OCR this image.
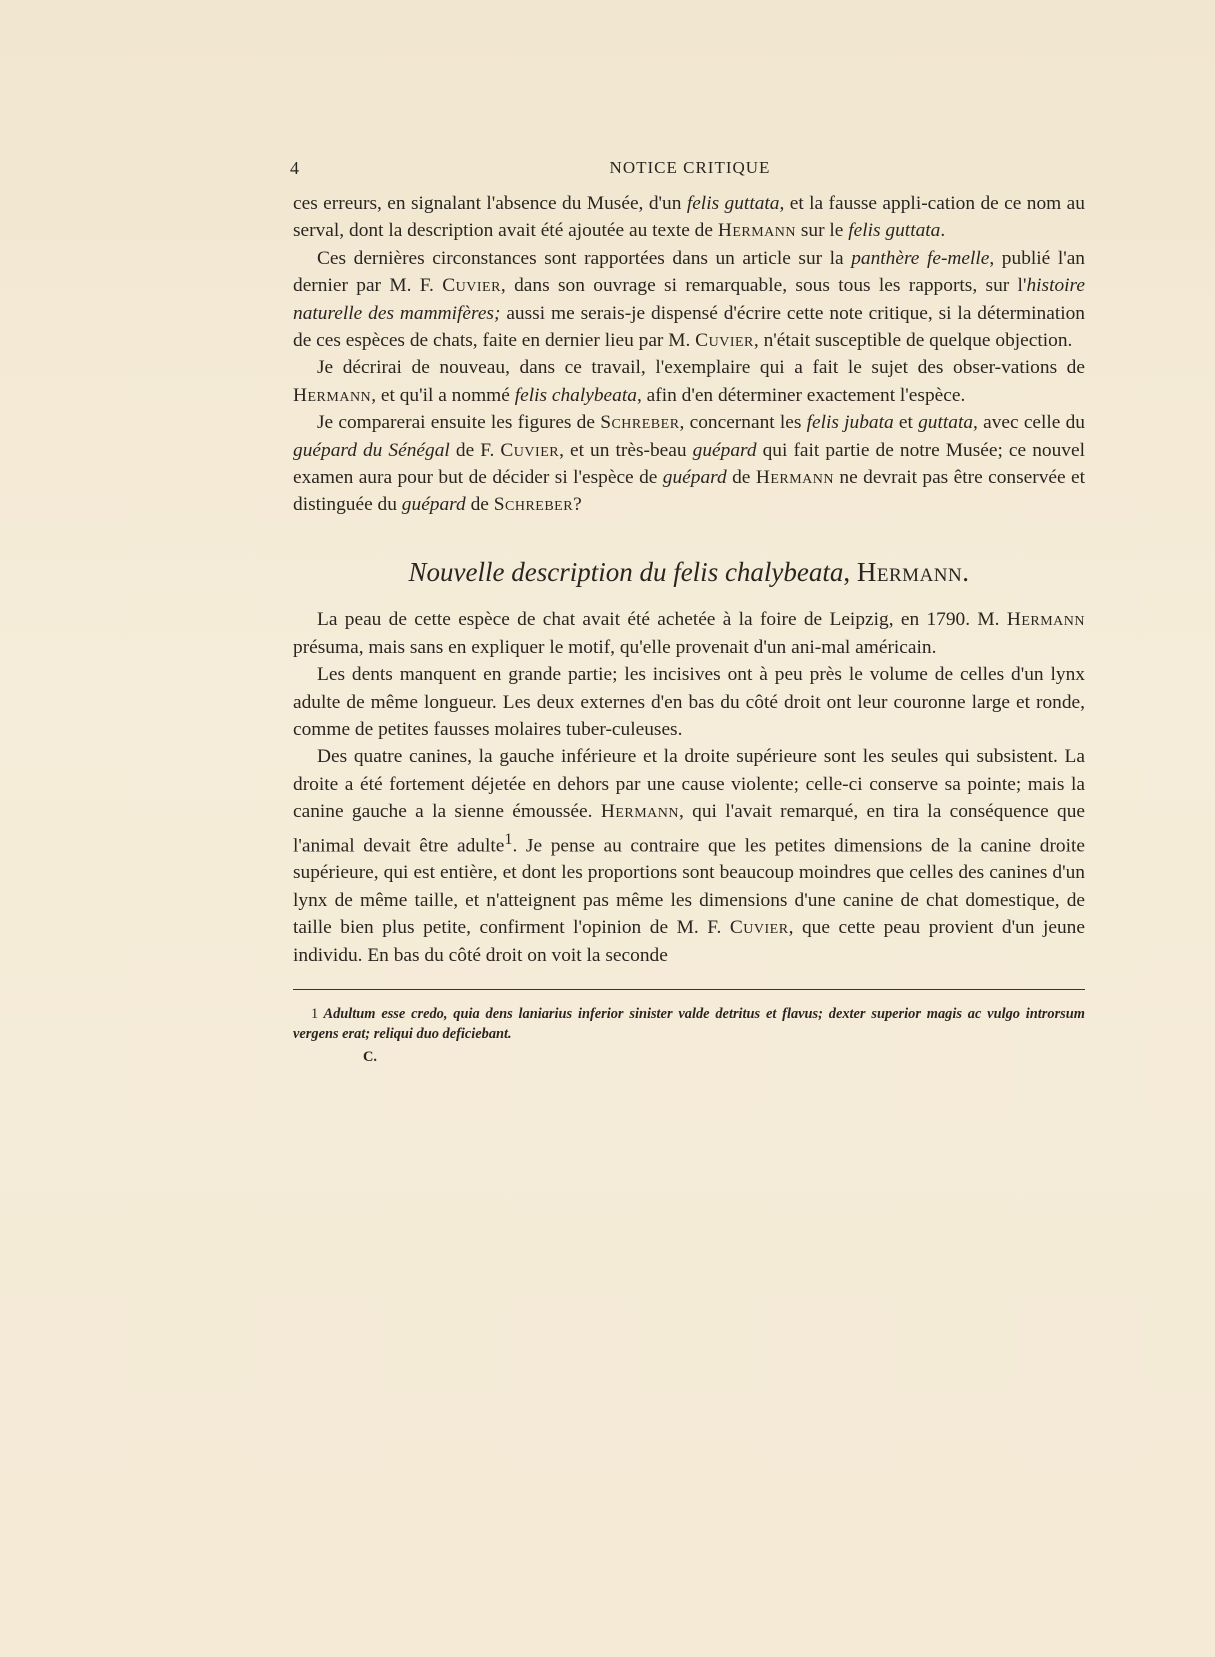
4	NOTICE CRITIQUE

ces erreurs, en signalant l'absence du Musée, d'un felis guttata, et la fausse appli-cation de ce nom au serval, dont la description avait été ajoutée au texte de Hermann sur le felis guttata.

Ces dernières circonstances sont rapportées dans un article sur la panthère fe-melle, publié l'an dernier par M. F. Cuvier, dans son ouvrage si remarquable, sous tous les rapports, sur l'histoire naturelle des mammifères; aussi me serais-je dispensé d'écrire cette note critique, si la détermination de ces espèces de chats, faite en dernier lieu par M. Cuvier, n'était susceptible de quelque objection.

Je décrirai de nouveau, dans ce travail, l'exemplaire qui a fait le sujet des obser-vations de Hermann, et qu'il a nommé felis chalybeata, afin d'en déterminer exactement l'espèce.

Je comparerai ensuite les figures de Schreber, concernant les felis jubata et guttata, avec celle du guépard du Sénégal de F. Cuvier, et un très-beau guépard qui fait partie de notre Musée; ce nouvel examen aura pour but de décider si l'espèce de guépard de Hermann ne devrait pas être conservée et distinguée du guépard de Schreber?

Nouvelle description du felis chalybeata, Hermann.

La peau de cette espèce de chat avait été achetée à la foire de Leipzig, en 1790. M. Hermann présuma, mais sans en expliquer le motif, qu'elle provenait d'un ani-mal américain.

Les dents manquent en grande partie; les incisives ont à peu près le volume de celles d'un lynx adulte de même longueur. Les deux externes d'en bas du côté droit ont leur couronne large et ronde, comme de petites fausses molaires tuber-culeuses.

Des quatre canines, la gauche inférieure et la droite supérieure sont les seules qui subsistent. La droite a été fortement déjetée en dehors par une cause violente; celle-ci conserve sa pointe; mais la canine gauche a la sienne émoussée. Hermann, qui l'avait remarqué, en tira la conséquence que l'animal devait être adulte$^1$. Je pense au contraire que les petites dimensions de la canine droite supérieure, qui est entière, et dont les proportions sont beaucoup moindres que celles des canines d'un lynx de même taille, et n'atteignent pas même les dimensions d'une canine de chat domestique, de taille bien plus petite, confirment l'opinion de M. F. Cuvier, que cette peau provient d'un jeune individu. En bas du côté droit on voit la seconde

1 Adultum esse credo, quia dens laniarius inferior sinister valde detritus et flavus; dexter superior magis ac vulgo introrsum vergens erat; reliqui duo deficiebant.
C.
